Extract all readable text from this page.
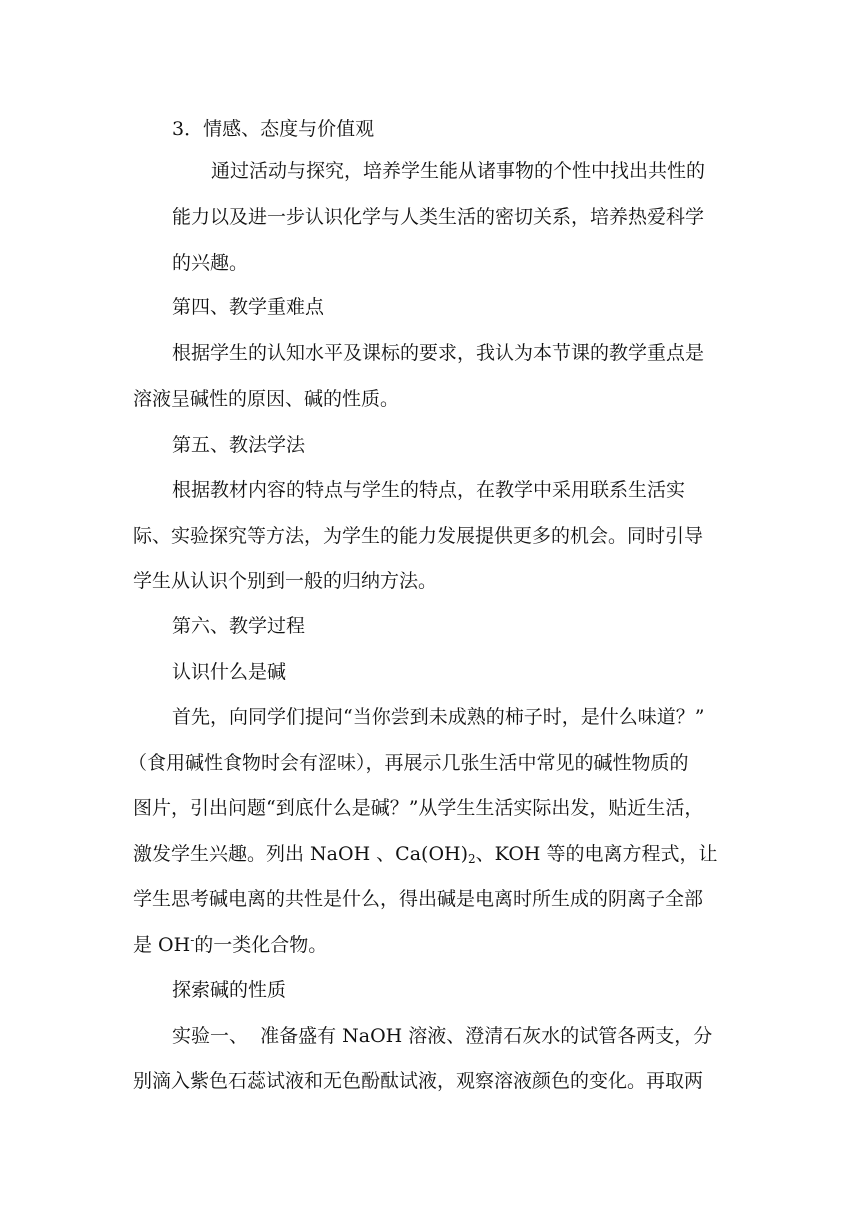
3．情感、态度与价值观
通过活动与探究，培养学生能从诸事物的个性中找出共性的
能力以及进一步认识化学与人类生活的密切关系，培养热爱科学
的兴趣。
第四、教学重难点
根据学生的认知水平及课标的要求，我认为本节课的教学重点是
溶液呈碱性的原因、碱的性质。
第五、教法学法
根据教材内容的特点与学生的特点，在教学中采用联系生活实
际、实验探究等方法，为学生的能力发展提供更多的机会。同时引导
学生从认识个别到一般的归纳方法。
第六、教学过程
认识什么是碱
首先，向同学们提问“当你尝到未成熟的柿子时，是什么味道？”
（食用碱性食物时会有涩味），再展示几张生活中常见的碱性物质的
图片，引出问题“到底什么是碱？”从学生生活实际出发，贴近生活，
激发学生兴趣。列出 NaOH 、$Ca(OH)_2$、KOH 等的电离方程式，让
学生思考碱电离的共性是什么，得出碱是电离时所生成的阴离子全部
是 OH-的一类化合物。
探索碱的性质
实验一、  准备盛有 NaOH 溶液、澄清石灰水的试管各两支，分
别滴入紫色石蕊试液和无色酚酞试液，观察溶液颜色的变化。再取两
